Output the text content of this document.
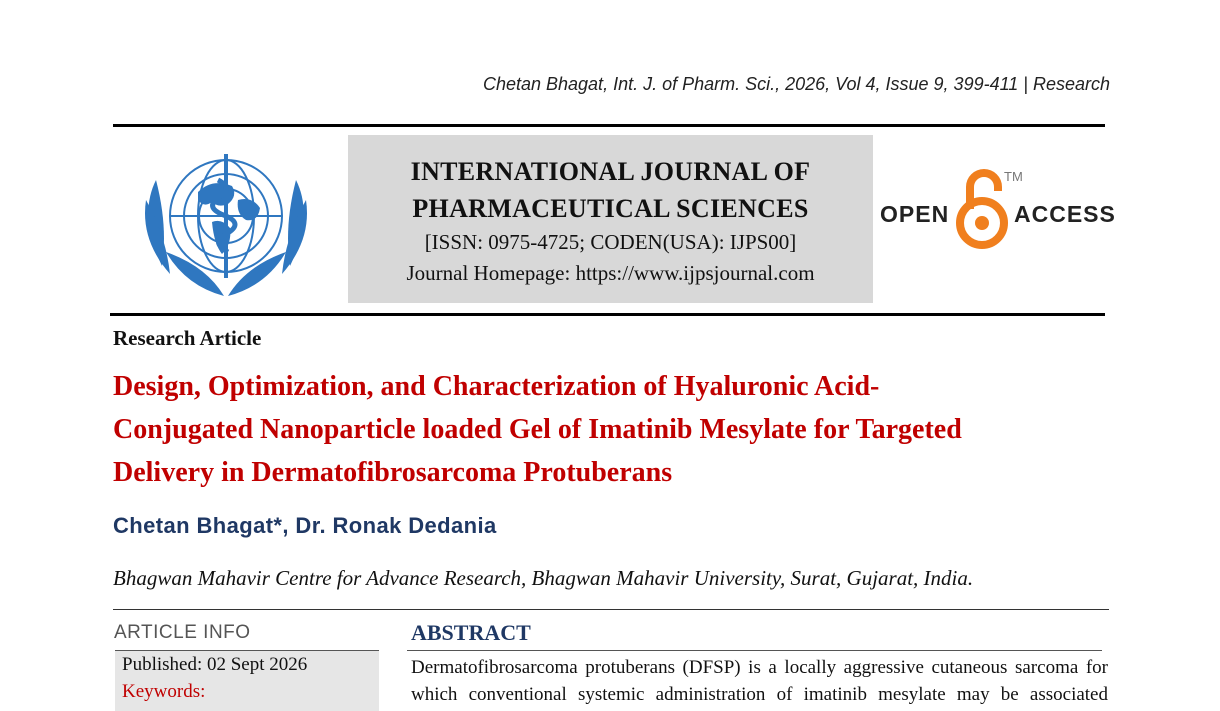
Chetan Bhagat, Int. J. of Pharm. Sci., 2026, Vol 4, Issue 9, 399-411 | Research
INTERNATIONAL JOURNAL OF
PHARMACEUTICAL SCIENCES
[ISSN: 0975-4725; CODEN(USA): IJPS00]
Journal Homepage: https://www.ijpsjournal.com
OPEN
TM
ACCESS
Research Article
Design, Optimization, and Characterization of Hyaluronic Acid-
Conjugated Nanoparticle loaded Gel of Imatinib Mesylate for Targeted
Delivery in Dermatofibrosarcoma Protuberans
Chetan Bhagat*, Dr. Ronak Dedania
Bhagwan Mahavir Centre for Advance Research, Bhagwan Mahavir University, Surat, Gujarat, India.
ARTICLE INFO
Published: 02 Sept 2026
Keywords:
ABSTRACT
Dermatofibrosarcoma protuberans (DFSP) is a locally aggressive cutaneous sarcoma for
which conventional systemic administration of imatinib mesylate may be associated
